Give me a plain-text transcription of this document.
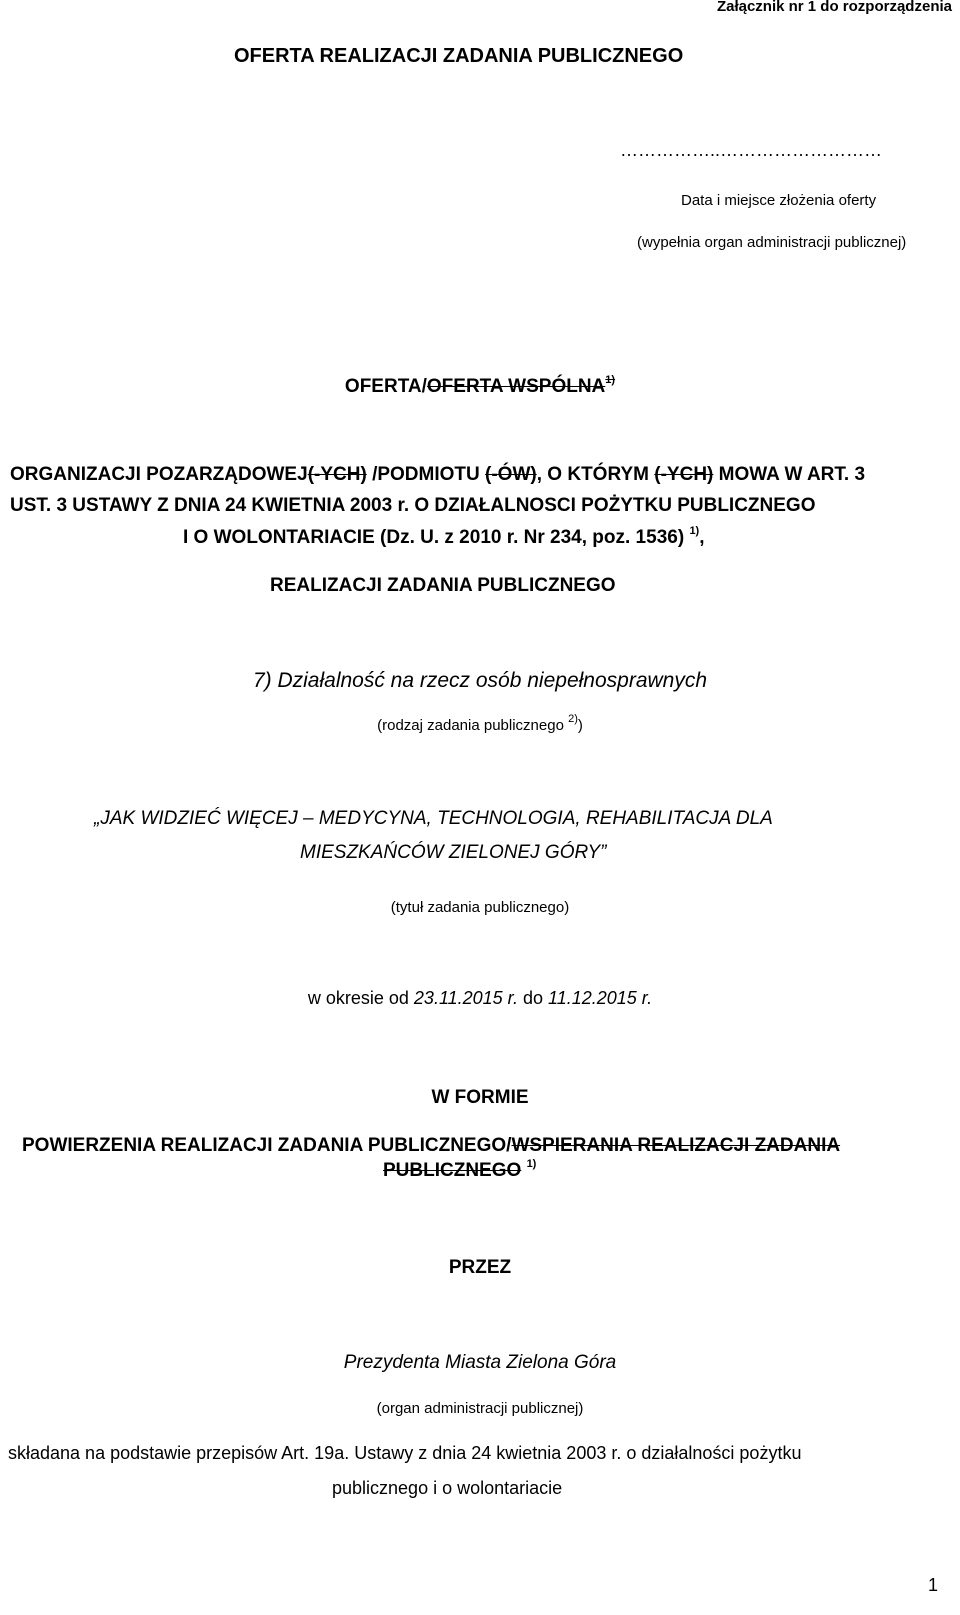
Załącznik nr 1 do rozporządzenia
OFERTA REALIZACJI ZADANIA PUBLICZNEGO
……………..………………………
Data i miejsce złożenia oferty
(wypełnia organ administracji publicznej)
OFERTA/OFERTA WSPÓLNA$^{1)}$
ORGANIZACJI POZARZĄDOWEJ(-YCH) /PODMIOTU (-ÓW), O KTÓRYM (-YCH) MOWA W ART. 3
UST. 3 USTAWY Z DNIA 24 KWIETNIA 2003 r. O DZIAŁALNOSCI POŻYTKU PUBLICZNEGO
I O WOLONTARIACIE (Dz. U. z 2010 r. Nr 234, poz. 1536) $^{1)}$,
REALIZACJI ZADANIA PUBLICZNEGO
7) Działalność na rzecz osób niepełnosprawnych
(rodzaj zadania publicznego $^{2)}$)
„JAK WIDZIEĆ WIĘCEJ – MEDYCYNA, TECHNOLOGIA, REHABILITACJA DLA
MIESZKAŃCÓW ZIELONEJ GÓRY”
(tytuł zadania publicznego)
w okresie od 23.11.2015 r. do 11.12.2015 r.
W FORMIE
POWIERZENIA REALIZACJI ZADANIA PUBLICZNEGO/WSPIERANIA REALIZACJI ZADANIA
PUBLICZNEGO $^{1)}$
PRZEZ
Prezydenta Miasta Zielona Góra
(organ administracji publicznej)
składana na podstawie przepisów Art. 19a. Ustawy z dnia 24 kwietnia 2003 r. o działalności pożytku
publicznego i o wolontariacie
1
